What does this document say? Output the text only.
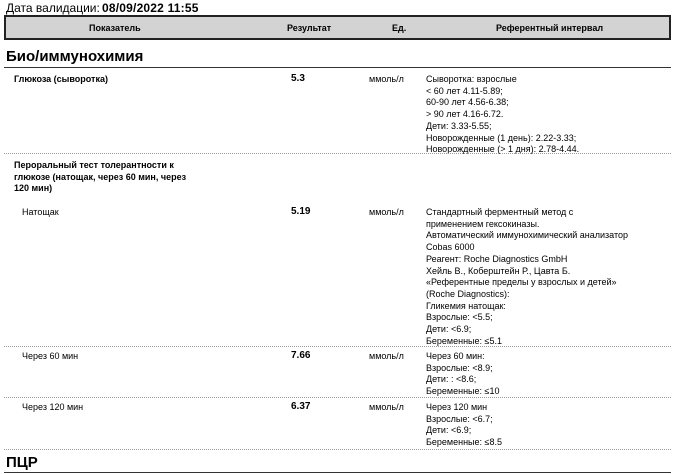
Дата валидации: 08/09/2022 11:55
Показатель	Результат	Ед.	Референтный интервал
Био/иммунохимия
Глюкоза (сыворотка)	5.3	ммоль/л Сыворотка: взрослые
< 60 лет 4.11-5.89;
60-90 лет 4.56-6.38;
> 90 лет 4.16-6.72.
Дети: 3.33-5.55;
Новорожденные (1 день): 2.22-3.33;
Новорожденные (> 1 дня): 2.78-4.44.
Пероральный тест толерантности к
глюкозе (натощак, через 60 мин, через
120 мин)
Натощак	5.19	ммоль/л Стандартный ферментный метод с
применением гексокиназы.
Автоматический иммунохимический анализатор
Cobas 6000
Реагент: Roche Diagnostics GmbH
Хейль В., Коберштейн Р., Цавта Б.
«Референтные пределы у взрослых и детей»
(Roche Diagnostics):
Гликемия натощак:
Взрослые: <5.5;
Дети: <6.9;
Беременные: ≤5.1
Через 60 мин	7.66	ммоль/л Через 60 мин:
Взрослые: <8.9;
Дети: : <8.6;
Беременные: ≤10
Через 120 мин	6.37	ммоль/л Через 120 мин
Взрослые: <6.7;
Дети: <6.9;
Беременные: ≤8.5
ПЦР
